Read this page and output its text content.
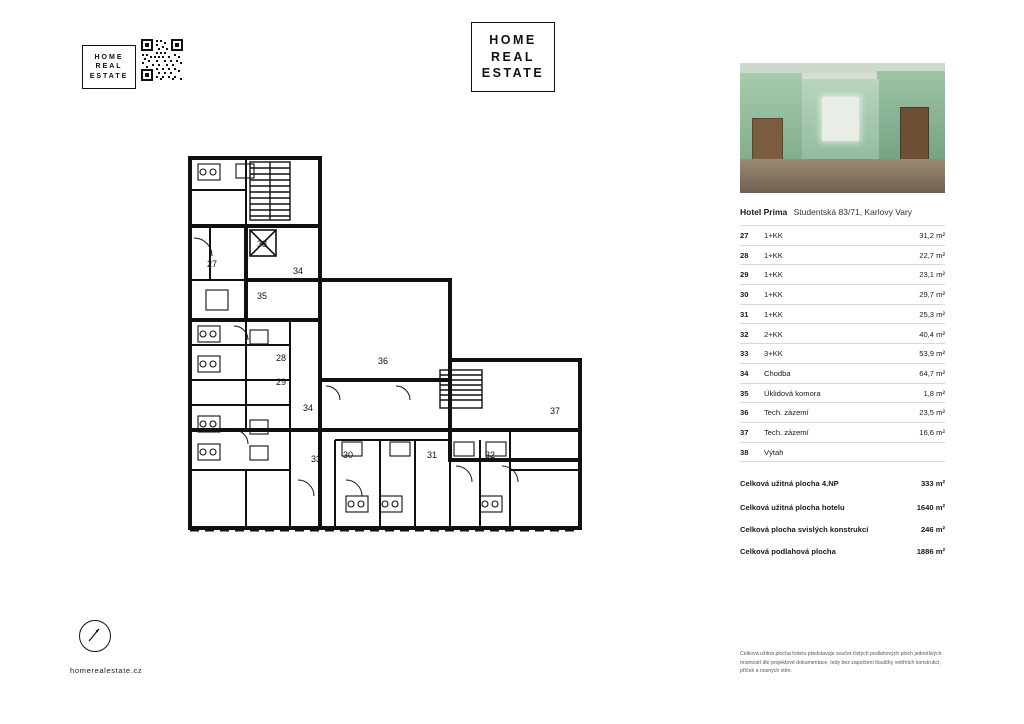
HOME
REAL
ESTATE
HOME
REAL
ESTATE
27
28
29
30	31	32
33
34
34
35
36
37
38
Hotel Prima Studentská 83/71, Karlovy Vary
27	1+KK	31,2 m²
28	1+KK	22,7 m²
29	1+KK	23,1 m²
30	1+KK	29,7 m²
31	1+KK	25,3 m²
32	2+KK	40,4 m²
33	3+KK	53,9 m²
34	Chodba	64,7 m²
35	Úklidová komora	1,8 m²
36	Tech. zázemí	23,5 m²
37	Tech. zázemí	16,6 m²
38	Výtah	
Celková užitná plocha 4.NP	333 m²
Celková užitná plocha hotelu	1640 m²
Celková plocha svislých konstrukcí	246 m²
Celková podlahová plocha	1886 m²
Celková užitná plocha hotelu představuje součet čistých podlahových ploch jednotlivých místností dle projektové dokumentace, tedy bez započtení tloušťky vnitřních konstrukcí, příček a nosných stěn.
homerealestate.cz
